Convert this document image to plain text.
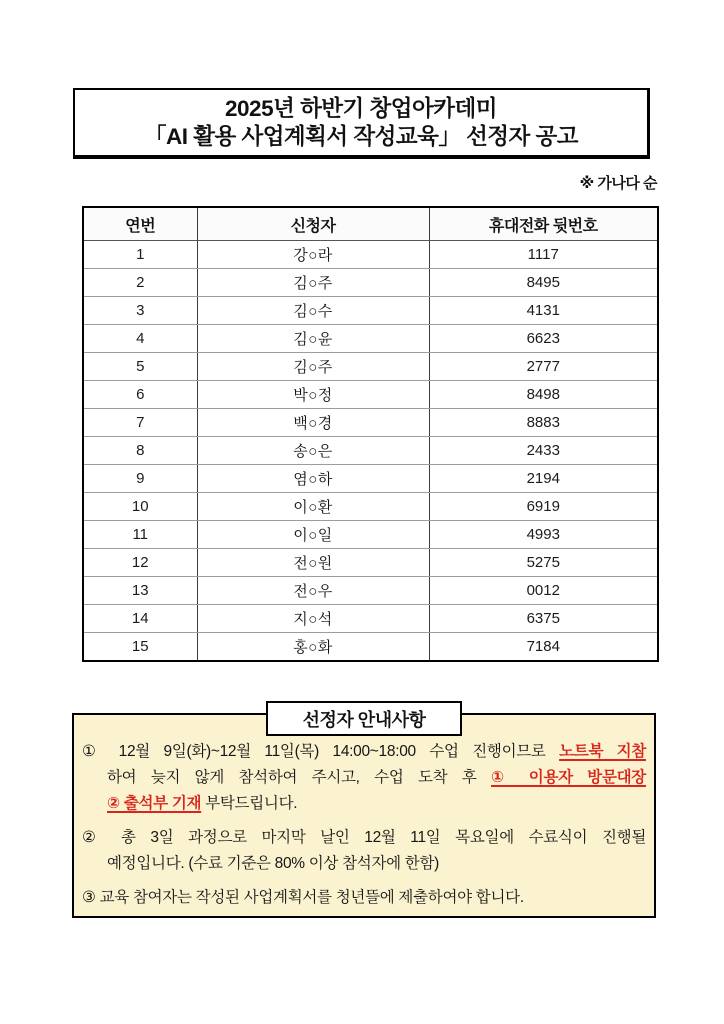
2025년 하반기 창업아카데미
「AI 활용 사업계획서 작성교육」 선정자 공고
※ 가나다 순
연번	신청자	휴대전화 뒷번호
1	강○라	1117
2	김○주	8495
3	김○수	4131
4	김○윤	6623
5	김○주	2777
6	박○정	8498
7	백○경	8883
8	송○은	2433
9	염○하	2194
10	이○환	6919
11	이○일	4993
12	전○원	5275
13	전○우	0012
14	지○석	6375
15	홍○화	7184
선정자 안내사항
① 12월 9일(화)~12월 11일(목) 14:00~18:00 수업 진행이므로 노트북 지참
하여 늦지 않게 참석하여 주시고, 수업 도착 후 ① 이용자 방문대장
② 출석부 기재 부탁드립니다.
② 총 3일 과정으로 마지막 날인 12월 11일 목요일에 수료식이 진행될
예정입니다. (수료 기준은 80% 이상 참석자에 한함)
③ 교육 참여자는 작성된 사업계획서를 청년뜰에 제출하여야 합니다.
